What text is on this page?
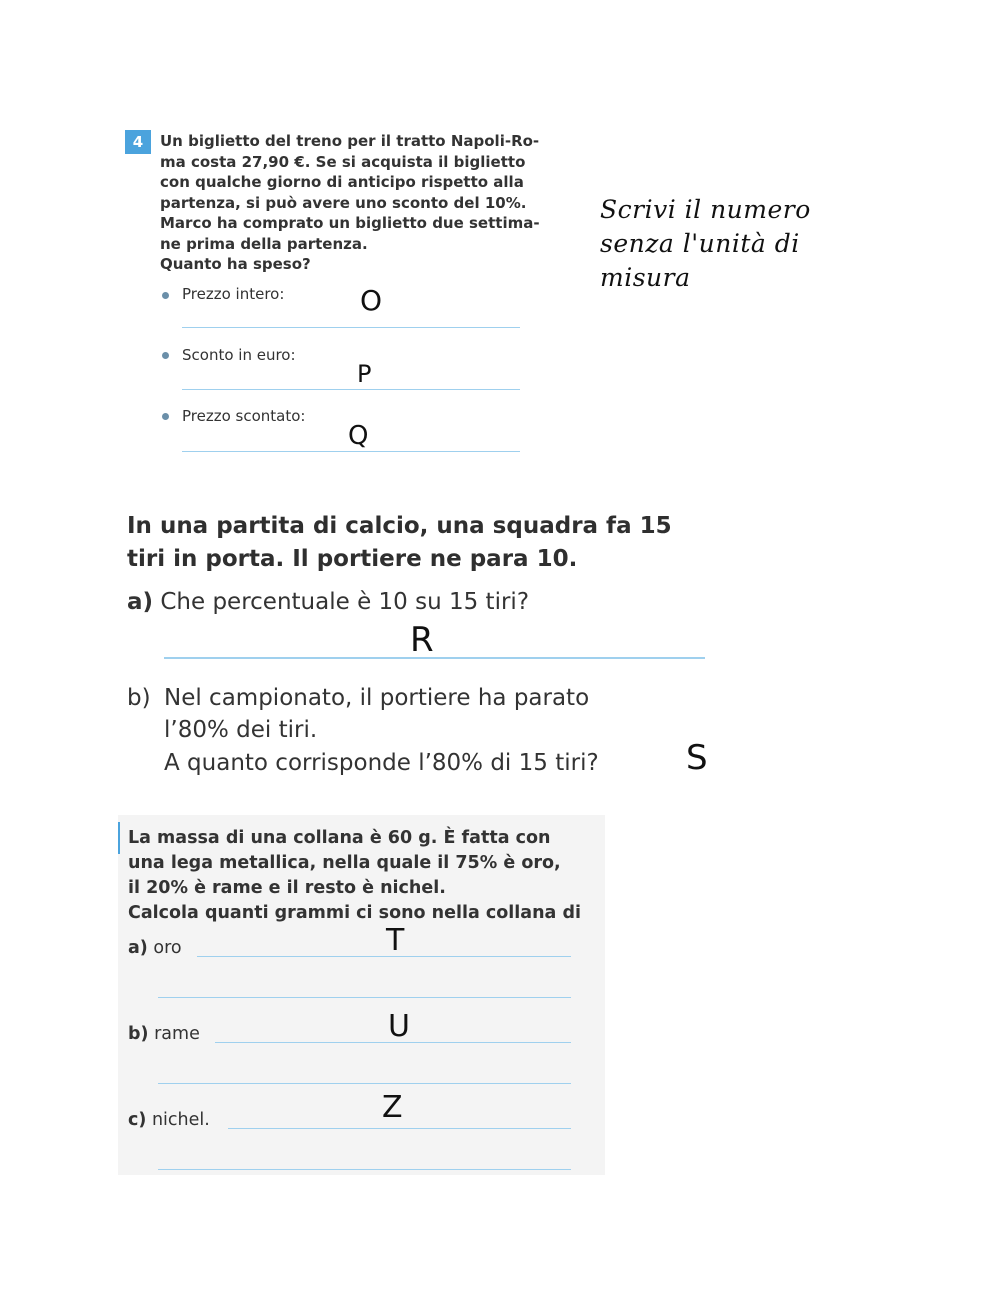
4	Un biglietto del treno per il tratto Napoli-Ro-
ma costa 27,90 €. Se si acquista il biglietto
con qualche giorno di anticipo rispetto alla
partenza, si può avere uno sconto del 10%.
Marco ha comprato un biglietto due settima-
ne prima della partenza.
Quanto ha speso?

Prezzo intero:	O
Sconto in euro:
P
Prezzo scontato:
Q
Scrivi il numero
senza l'unità di
misura

In una partita di calcio, una squadra fa 15
tiri in porta. Il portiere ne para 10.

a) Che percentuale è 10 su 15 tiri?
R
b) Nel campionato, il portiere ha parato
l’80% dei tiri.
A quanto corrisponde l’80% di 15 tiri?	S

La massa di una collana è 60 g. È fatta con
una lega metallica, nella quale il 75% è oro,
il 20% è rame e il resto è nichel.
Calcola quanti grammi ci sono nella collana di

a) oro	T
b) rame	U
c) nichel.	Z
